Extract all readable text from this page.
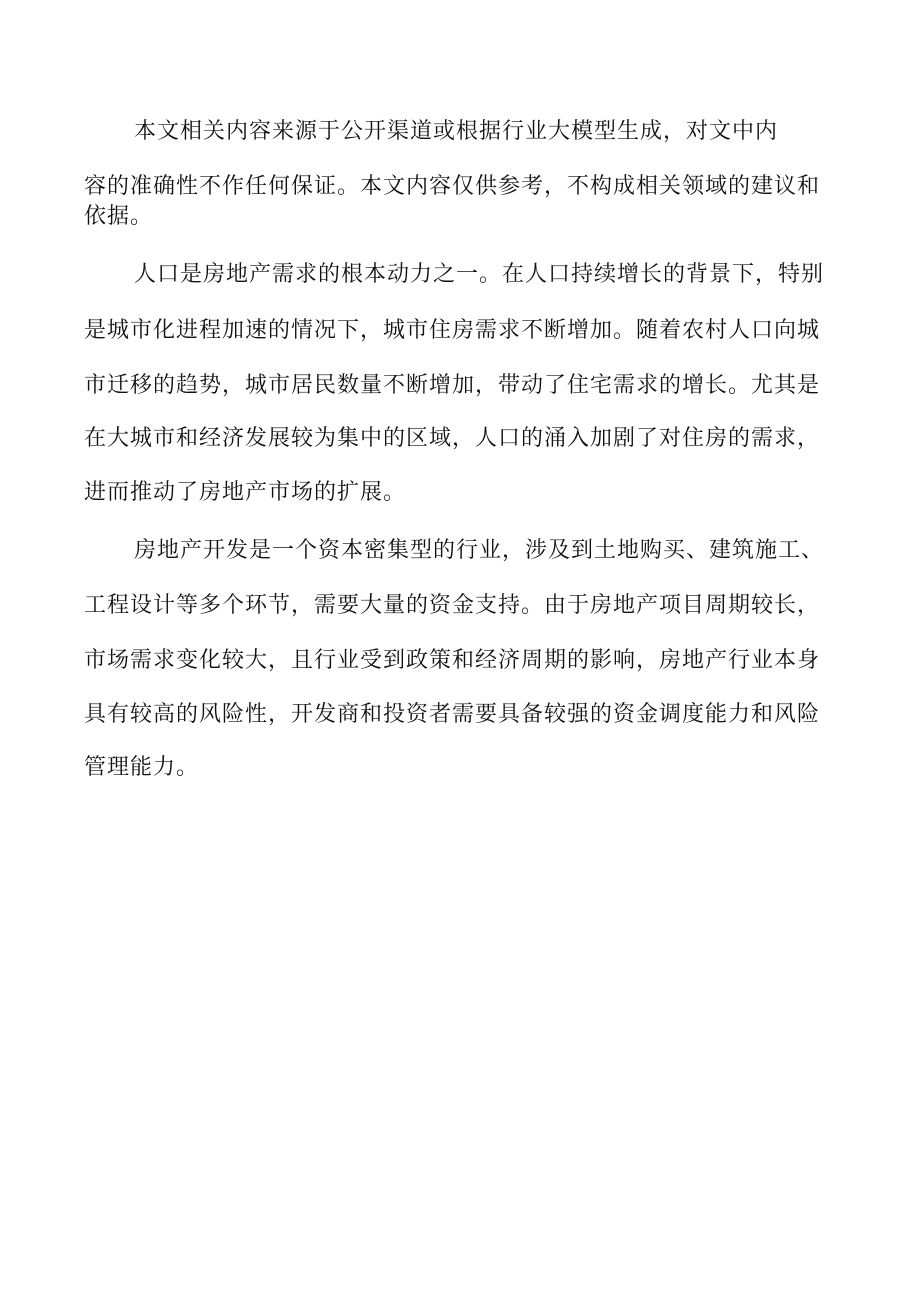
本文相关内容来源于公开渠道或根据行业大模型生成，对文中内
容的准确性不作任何保证。本文内容仅供参考，不构成相关领域的建议和
依据。
人口是房地产需求的根本动力之一。在人口持续增长的背景下，特别
是城市化进程加速的情况下，城市住房需求不断增加。随着农村人口向城
市迁移的趋势，城市居民数量不断增加，带动了住宅需求的增长。尤其是
在大城市和经济发展较为集中的区域，人口的涌入加剧了对住房的需求，
进而推动了房地产市场的扩展。
房地产开发是一个资本密集型的行业，涉及到土地购买、建筑施工、
工程设计等多个环节，需要大量的资金支持。由于房地产项目周期较长，
市场需求变化较大，且行业受到政策和经济周期的影响，房地产行业本身
具有较高的风险性，开发商和投资者需要具备较强的资金调度能力和风险
管理能力。
